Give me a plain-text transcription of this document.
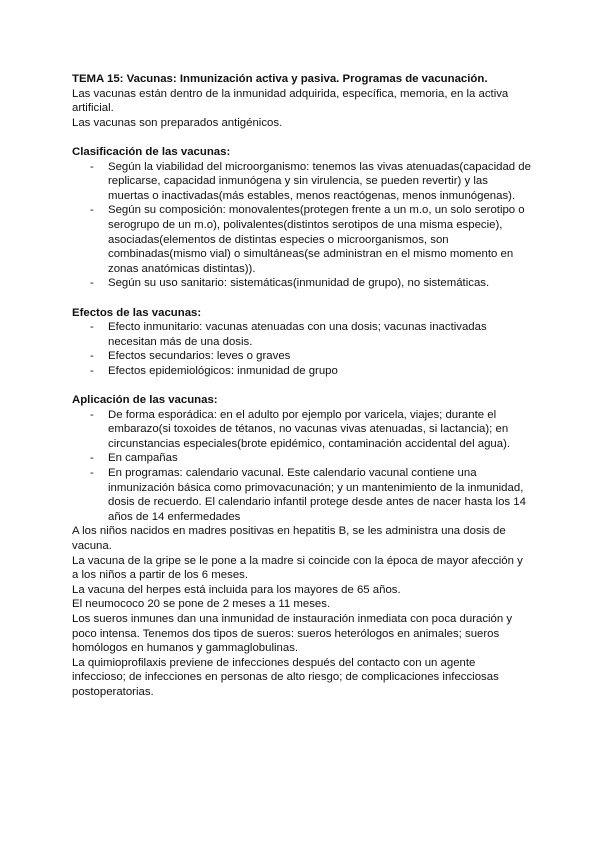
TEMA 15: Vacunas: Inmunización activa y pasiva. Programas de vacunación.

Las vacunas están dentro de la inmunidad adquirida, específica, memoria, en la activa artificial.

Las vacunas son preparados antigénicos.

Clasificación de las vacunas:

- Según la viabilidad del microorganismo: tenemos las vivas atenuadas(capacidad de replicarse, capacidad inmunógena y sin virulencia, se pueden revertir) y las muertas o inactivadas(más estables, menos reactógenas, menos inmunógenas).
- Según su composición: monovalentes(protegen frente a un m.o, un solo serotipo o serogrupo de un m.o), polivalentes(distintos serotipos de una misma especie), asociadas(elementos de distintas especies o microorganismos, son combinadas(mismo vial) o simultáneas(se administran en el mismo momento en zonas anatómicas distintas)).
- Según su uso sanitario: sistemáticas(inmunidad de grupo), no sistemáticas.

Efectos de las vacunas:

- Efecto inmunitario: vacunas atenuadas con una dosis; vacunas inactivadas necesitan más de una dosis.
- Efectos secundarios: leves o graves
- Efectos epidemiológicos: inmunidad de grupo

Aplicación de las vacunas:

- De forma esporádica: en el adulto por ejemplo por varicela, viajes; durante el embarazo(si toxoides de tétanos, no vacunas vivas atenuadas, si lactancia); en circunstancias especiales(brote epidémico, contaminación accidental del agua).
- En campañas
- En programas: calendario vacunal. Este calendario vacunal contiene una inmunización básica como primovacunación; y un mantenimiento de la inmunidad, dosis de recuerdo. El calendario infantil protege desde antes de nacer hasta los 14 años de 14 enfermedades

A los niños nacidos en madres positivas en hepatitis B, se les administra una dosis de vacuna.

La vacuna de la gripe se le pone a la madre si coincide con la época de mayor afección y a los niños a partir de los 6 meses.

La vacuna del herpes está incluida para los mayores de 65 años.

El neumococo 20 se pone de 2 meses a 11 meses.

Los sueros inmunes dan una inmunidad de instauración inmediata con poca duración y poco intensa. Tenemos dos tipos de sueros: sueros heterólogos en animales; sueros homólogos en humanos y gammaglobulinas.

La quimioprofilaxis previene de infecciones después del contacto con un agente infeccioso; de infecciones en personas de alto riesgo; de complicaciones infecciosas postoperatorias.
